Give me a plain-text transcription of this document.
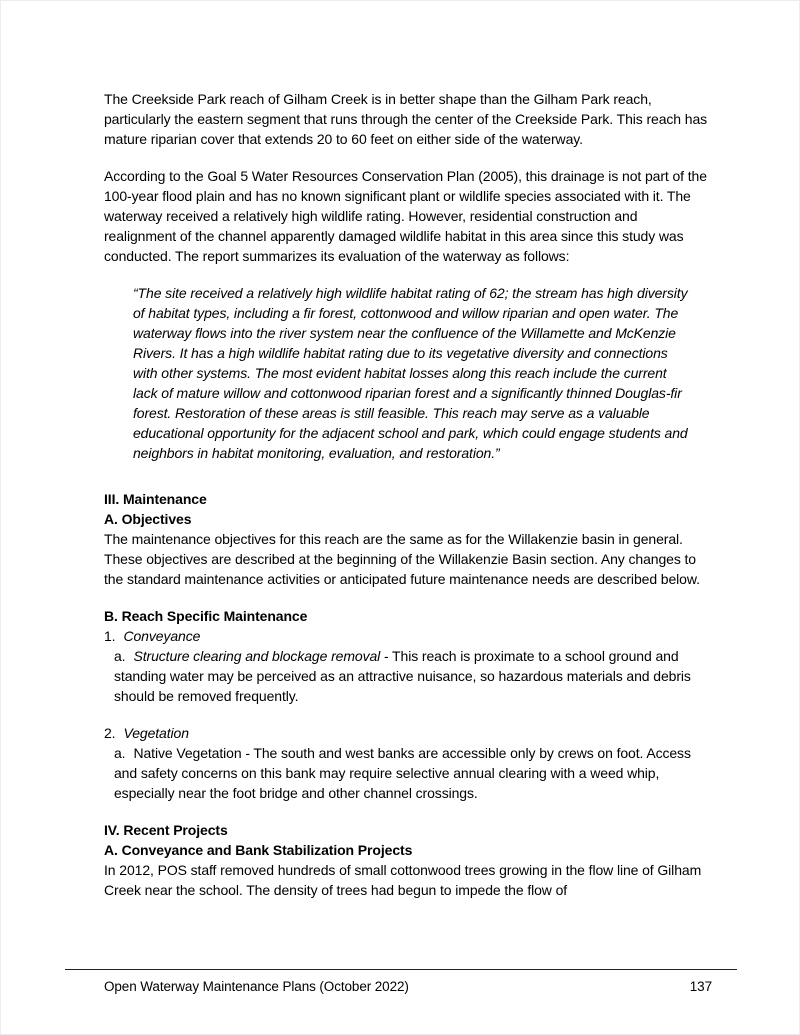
The Creekside Park reach of Gilham Creek is in better shape than the Gilham Park reach, particularly the eastern segment that runs through the center of the Creekside Park. This reach has mature riparian cover that extends 20 to 60 feet on either side of the waterway.

According to the Goal 5 Water Resources Conservation Plan (2005), this drainage is not part of the 100-year flood plain and has no known significant plant or wildlife species associated with it. The waterway received a relatively high wildlife rating. However, residential construction and realignment of the channel apparently damaged wildlife habitat in this area since this study was conducted. The report summarizes its evaluation of the waterway as follows:

“The site received a relatively high wildlife habitat rating of 62; the stream has high diversity of habitat types, including a fir forest, cottonwood and willow riparian and open water. The waterway flows into the river system near the confluence of the Willamette and McKenzie Rivers. It has a high wildlife habitat rating due to its vegetative diversity and connections with other systems. The most evident habitat losses along this reach include the current lack of mature willow and cottonwood riparian forest and a significantly thinned Douglas-fir forest. Restoration of these areas is still feasible. This reach may serve as a valuable educational opportunity for the adjacent school and park, which could engage students and neighbors in habitat monitoring, evaluation, and restoration.”

III. Maintenance

A. Objectives

The maintenance objectives for this reach are the same as for the Willakenzie basin in general. These objectives are described at the beginning of the Willakenzie Basin section. Any changes to the standard maintenance activities or anticipated future maintenance needs are described below.

B. Reach Specific Maintenance

1. Conveyance
a. Structure clearing and blockage removal - This reach is proximate to a school ground and standing water may be perceived as an attractive nuisance, so hazardous materials and debris should be removed frequently.
2. Vegetation
a. Native Vegetation - The south and west banks are accessible only by crews on foot. Access and safety concerns on this bank may require selective annual clearing with a weed whip, especially near the foot bridge and other channel crossings.

IV. Recent Projects

A. Conveyance and Bank Stabilization Projects

In 2012, POS staff removed hundreds of small cottonwood trees growing in the flow line of Gilham Creek near the school. The density of trees had begun to impede the flow of

Open Waterway Maintenance Plans (October 2022)	137
